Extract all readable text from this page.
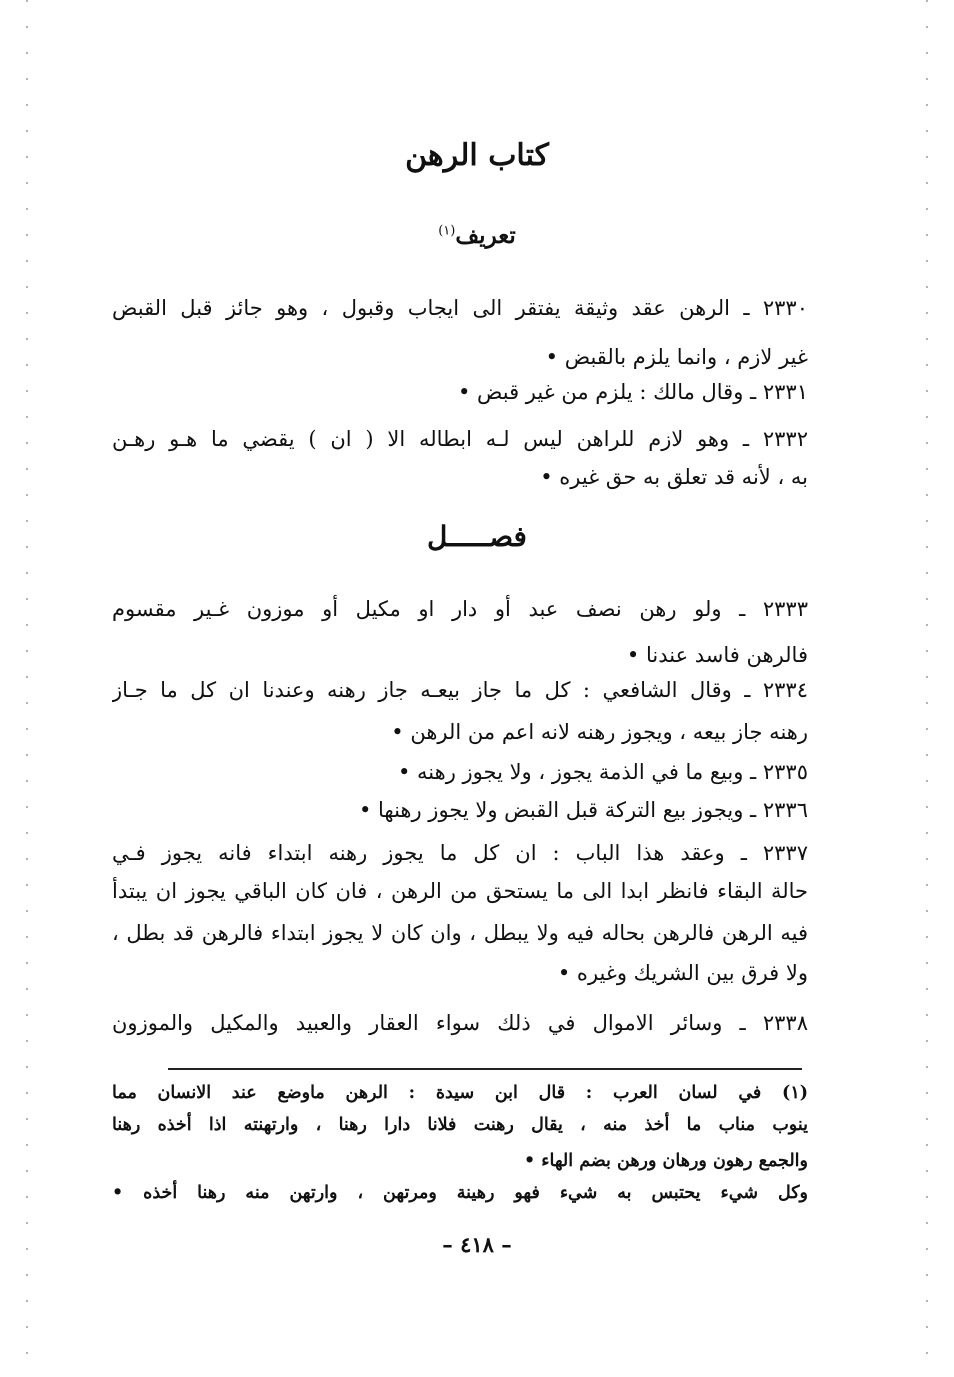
كتاب الرهن
تعريف$^{(١)}$
٢٣٣٠ ـ الرهن عقد وثيقة يفتقر الى ايجاب وقبول ، وهو جائز قبل القبض
غير لازم ، وانما يلزم بالقبض •
٢٣٣١ ـ وقال مالك : يلزم من غير قبض •
٢٣٣٢ ـ وهو لازم للراهن ليس لـه ابطاله الا ( ان ) يقضي ما هـو رهـن
به ، لأنه قد تعلق به حق غيره •
فصـــــل
٢٣٣٣ ـ ولو رهن نصف عبد أو دار او مكيل أو موزون غـير مقسوم
فالرهن فاسد عندنا •
٢٣٣٤ ـ وقال الشافعي : كل ما جاز بيعـه جاز رهنه وعندنا ان كل ما جـاز
رهنه جاز بيعه ، ويجوز رهنه لانه اعم من الرهن •
٢٣٣٥ ـ وبيع ما في الذمة يجوز ، ولا يجوز رهنه •
٢٣٣٦ ـ ويجوز بيع التركة قبل القبض ولا يجوز رهنها •
٢٣٣٧ ـ وعقد هذا الباب : ان كل ما يجوز رهنه ابتداء فانه يجوز فـي
حالة البقاء فانظر ابدا الى ما يستحق من الرهن ، فان كان الباقي يجوز ان يبتدأ
فيه الرهن فالرهن بحاله فيه ولا يبطل ، وان كان لا يجوز ابتداء فالرهن قد بطل ،
ولا فرق بين الشريك وغيره •
٢٣٣٨ ـ وسائر الاموال في ذلك سواء العقار والعبيد والمكيل والموزون
(١) في لسان العرب : قال ابن سيدة : الرهن ماوضع عند الانسان مما
ينوب مناب ما أخذ منه ، يقال رهنت فلانا دارا رهنا ، وارتهنته اذا أخذه رهنا
والجمع رهون ورهان ورهن بضم الهاء •
وكل شيء يحتبس به شيء فهو رهينة ومرتهن ، وارتهن منه رهنا أخذه •
– ٤١٨ –
